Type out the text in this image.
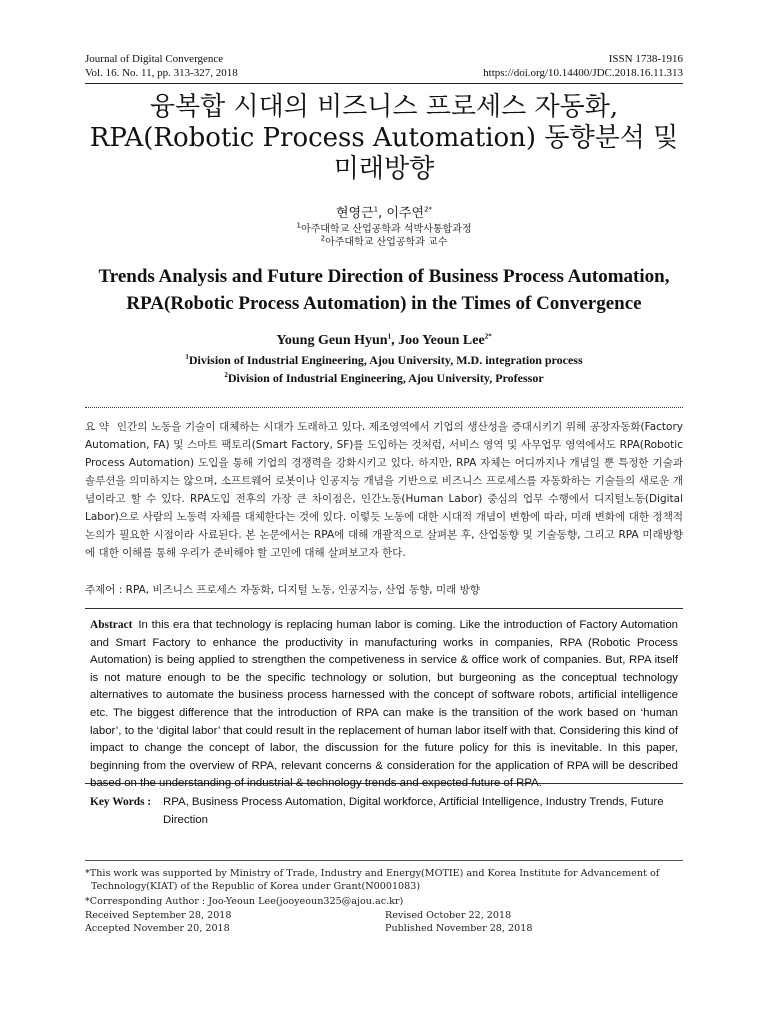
Journal of Digital Convergence
Vol. 16. No. 11, pp. 313-327, 2018
ISSN 1738-1916
https://doi.org/10.14400/JDC.2018.16.11.313
융복합 시대의 비즈니스 프로세스 자동화,
RPA(Robotic Process Automation) 동향분석 및
미래방향
현영근$^1$, 이주연$^{2*}$
$^1$아주대학교 산업공학과 석박사통합과정
$^2$아주대학교 산업공학과 교수
Trends Analysis and Future Direction of Business Process Automation,
RPA(Robotic Process Automation) in the Times of Convergence
Young Geun Hyun$^1$, Joo Yeoun Lee$^{2*}$
$^1$Division of Industrial Engineering, Ajou University, M.D. integration process
$^2$Division of Industrial Engineering, Ajou University, Professor
요 약 인간의 노동을 기술이 대체하는 시대가 도래하고 있다. 제조영역에서 기업의 생산성을 증대시키기 위해 공장자동화(Factory Automation, FA) 및 스마트 팩토리(Smart Factory, SF)를 도입하는 것처럼, 서비스 영역 및 사무업무 영역에서도 RPA(Robotic Process Automation) 도입을 통해 기업의 경쟁력을 강화시키고 있다. 하지만, RPA 자체는 어디까지나 개념일 뿐 특정한 기술과 솔루션을 의미하지는 않으며, 소프트웨어 로봇이나 인공지능 개념을 기반으로 비즈니스 프로세스를 자동화하는 기술들의 새로운 개념이라고 할 수 있다. RPA도입 전후의 가장 큰 차이점은, 인간노동(Human Labor) 중심의 업무 수행에서 디지털노동(Digital Labor)으로 사람의 노동력 자체를 대체한다는 것에 있다. 이렇듯 노동에 대한 시대적 개념이 변함에 따라, 미래 변화에 대한 정책적 논의가 필요한 시점이라 사료된다. 본 논문에서는 RPA에 대해 개괄적으로 살펴본 후, 산업동향 및 기술동향, 그리고 RPA 미래방향에 대한 이해를 통해 우리가 준비해야 할 고민에 대해 살펴보고자 한다.
주제어 : RPA, 비즈니스 프로세스 자동화, 디지털 노동, 인공지능, 산업 동향, 미래 방향
Abstract In this era that technology is replacing human labor is coming. Like the introduction of Factory Automation and Smart Factory to enhance the productivity in manufacturing works in companies, RPA (Robotic Process Automation) is being applied to strengthen the competiveness in service & office work of companies. But, RPA itself is not mature enough to be the specific technology or solution, but burgeoning as the conceptual technology alternatives to automate the business process harnessed with the concept of software robots, artificial intelligence etc. The biggest difference that the introduction of RPA can make is the transition of the work based on ‘human labor’, to the ‘digital labor’ that could result in the replacement of human labor itself with that. Considering this kind of impact to change the concept of labor, the discussion for the future policy for this is inevitable. In this paper, beginning from the overview of RPA, relevant concerns & consideration for the application of RPA will be described based on the understanding of industrial & technology trends and expected future of RPA.
Key Words : RPA, Business Process Automation, Digital workforce, Artificial Intelligence, Industry Trends, Future
Direction
*This work was supported by Ministry of Trade, Industry and Energy(MOTIE) and Korea Institute for Advancement of
Technology(KIAT) of the Republic of Korea under Grant(N0001083)
*Corresponding Author : Joo-Yeoun Lee(jooyeoun325@ajou.ac.kr)
Received September 28, 2018	Revised October 22, 2018
Accepted November 20, 2018	Published November 28, 2018
